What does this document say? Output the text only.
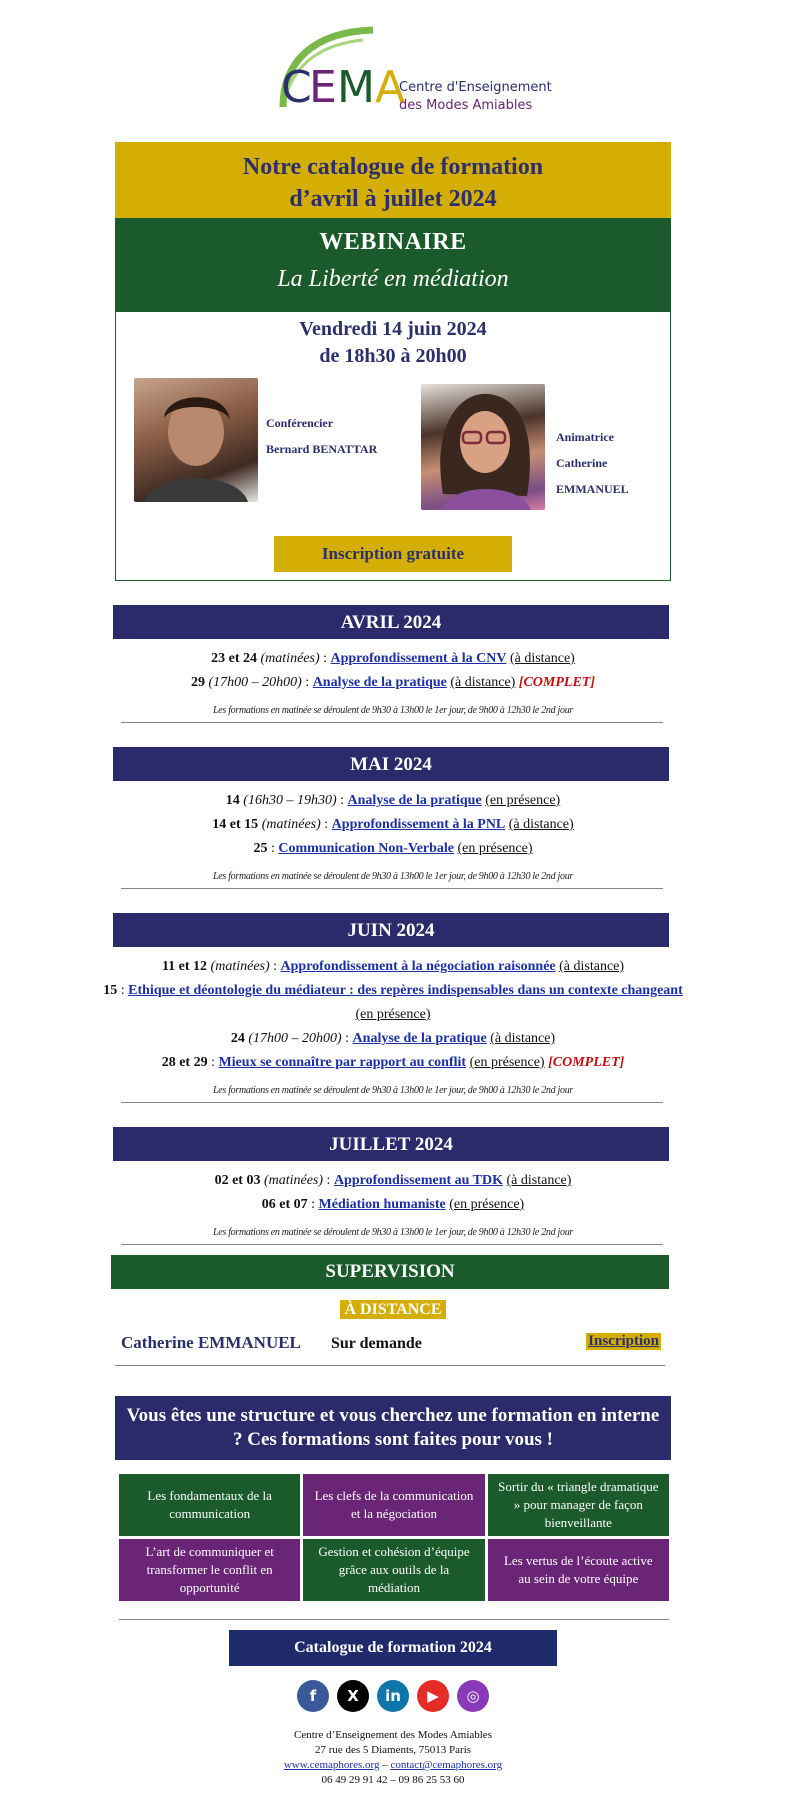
C
E M A
Centre d'Enseignement
des Modes Amiables
Notre catalogue de formation
d’avril à juillet 2024
WEBINAIRE
La Liberté en médiation
Vendredi 14 juin 2024
de 18h30 à 20h00
Conférencier
Bernard BENATTAR
Animatrice
Catherine EMMANUEL
Inscription gratuite
AVRIL 2024
23 et 24 (matinées) : Approfondissement à la CNV (à distance)
29 (17h00 – 20h00) : Analyse de la pratique (à distance) [COMPLET]
Les formations en matinée se déroulent de 9h30 à 13h00 le 1er jour, de 9h00 à 12h30 le 2nd jour
MAI 2024
14 (16h30 – 19h30) : Analyse de la pratique (en présence)
14 et 15 (matinées) : Approfondissement à la PNL (à distance)
25 : Communication Non-Verbale (en présence)
Les formations en matinée se déroulent de 9h30 à 13h00 le 1er jour, de 9h00 à 12h30 le 2nd jour
JUIN 2024
11 et 12 (matinées) : Approfondissement à la négociation raisonnée (à distance)
15 : Ethique et déontologie du médiateur : des repères indispensables dans un contexte changeant (en présence)
24 (17h00 – 20h00) : Analyse de la pratique (à distance)
28 et 29 : Mieux se connaître par rapport au conflit (en présence) [COMPLET]
Les formations en matinée se déroulent de 9h30 à 13h00 le 1er jour, de 9h00 à 12h30 le 2nd jour
JUILLET 2024
02 et 03 (matinées) : Approfondissement au TDK (à distance)
06 et 07 : Médiation humaniste (en présence)
Les formations en matinée se déroulent de 9h30 à 13h00 le 1er jour, de 9h00 à 12h30 le 2nd jour
SUPERVISION
À DISTANCE
Catherine EMMANUEL Sur demande	Inscription
Vous êtes une structure et vous cherchez une formation en interne ? Ces formations sont faites pour vous !
Les fondamentaux de la communication
Les clefs de la communication et la négociation
Sortir du « triangle dramatique » pour manager de façon bienveillante
L’art de communiquer et transformer le conflit en opportunité
Gestion et cohésion d’équipe grâce aux outils de la médiation
Les vertus de l’écoute active au sein de votre équipe
Catalogue de formation 2024
f	X	in	▶	◎
Centre d’Enseignement des Modes Amiables
27 rue des 5 Diaments, 75013 Paris
www.cemaphores.org – contact@cemaphores.org
06 49 29 91 42 – 09 86 25 53 60
